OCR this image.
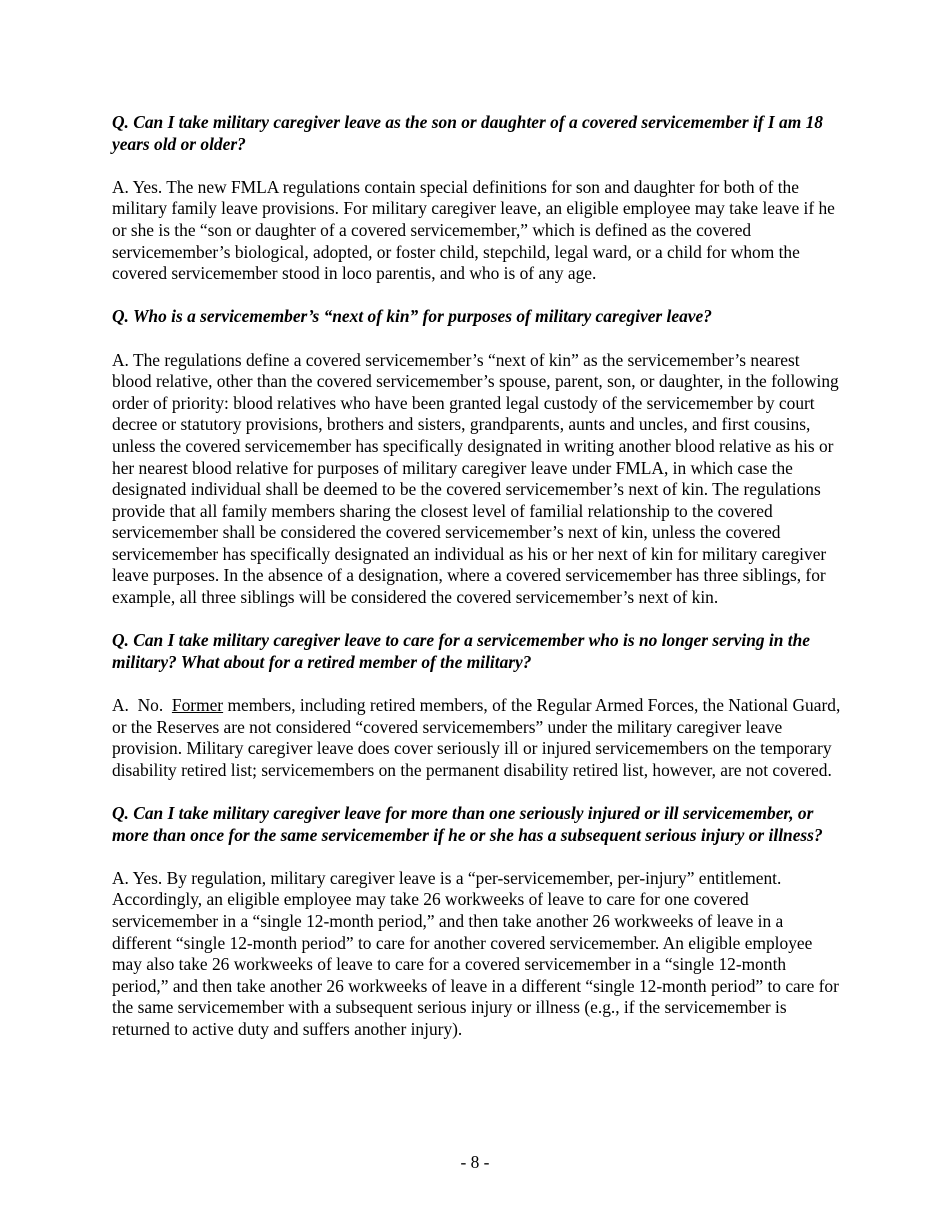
Q. Can I take military caregiver leave as the son or daughter of a covered servicemember if I am 18 years old or older?

A. Yes. The new FMLA regulations contain special definitions for son and daughter for both of the military family leave provisions. For military caregiver leave, an eligible employee may take leave if he or she is the “son or daughter of a covered servicemember,” which is defined as the covered servicemember’s biological, adopted, or foster child, stepchild, legal ward, or a child for whom the covered servicemember stood in loco parentis, and who is of any age.

Q. Who is a servicemember’s “next of kin” for purposes of military caregiver leave?

A. The regulations define a covered servicemember’s “next of kin” as the servicemember’s nearest blood relative, other than the covered servicemember’s spouse, parent, son, or daughter, in the following order of priority: blood relatives who have been granted legal custody of the servicemember by court decree or statutory provisions, brothers and sisters, grandparents, aunts and uncles, and first cousins, unless the covered servicemember has specifically designated in writing another blood relative as his or her nearest blood relative for purposes of military caregiver leave under FMLA, in which case the designated individual shall be deemed to be the covered servicemember’s next of kin. The regulations provide that all family members sharing the closest level of familial relationship to the covered servicemember shall be considered the covered servicemember’s next of kin, unless the covered servicemember has specifically designated an individual as his or her next of kin for military caregiver leave purposes. In the absence of a designation, where a covered servicemember has three siblings, for example, all three siblings will be considered the covered servicemember’s next of kin.

Q. Can I take military caregiver leave to care for a servicemember who is no longer serving in the military? What about for a retired member of the military?

A.  No.  Former members, including retired members, of the Regular Armed Forces, the National Guard, or the Reserves are not considered “covered servicemembers” under the military caregiver leave provision. Military caregiver leave does cover seriously ill or injured servicemembers on the temporary disability retired list; servicemembers on the permanent disability retired list, however, are not covered.

Q. Can I take military caregiver leave for more than one seriously injured or ill servicemember, or more than once for the same servicemember if he or she has a subsequent serious injury or illness?

A. Yes. By regulation, military caregiver leave is a “per-servicemember, per-injury” entitlement. Accordingly, an eligible employee may take 26 workweeks of leave to care for one covered servicemember in a “single 12-month period,” and then take another 26 workweeks of leave in a different “single 12-month period” to care for another covered servicemember. An eligible employee may also take 26 workweeks of leave to care for a covered servicemember in a “single 12-month period,” and then take another 26 workweeks of leave in a different “single 12-month period” to care for the same servicemember with a subsequent serious injury or illness (e.g., if the servicemember is returned to active duty and suffers another injury).

- 8 -
